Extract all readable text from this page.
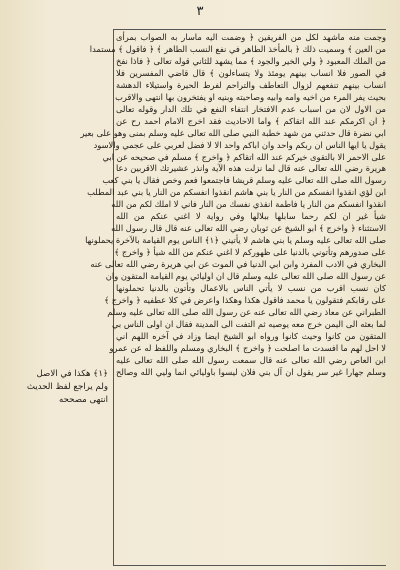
٣
وجمت منه ماشهد لكل من الفريقين ﴿ وضمت اليه ماسار به الصواب بمرأى
من العين ﴾ وسميت ذلك ﴿ بالمأخذ الطاهر في نفع النسب الطاهر ﴾ ﴿ فاقول ﴾ مستمدا
من الملك المعبود ﴿ ولي الخير والجود ﴾ مما يشهد للثاني قوله تعالى ﴿ فاذا نفخ
في الصور فلا انساب بينهم يومئذ ولا يتساءلون ﴾ قال قاضي المفسرين فلا
انساب بينهم تنفعهم لزوال التعاطف والتراحم لفرط الحيرة واستيلاء الدهشة
بحيث يفر المرء من اخيه وامه وابيه وصاحبته وبنيه او يفتخرون بها انتهى والاقرب
من الاول لان من اسباب عدم الافتخار انتفاء النفع في تلك الدار وقوله تعالى
﴿ ان اكرمكم عند الله اتقاكم ﴾ واما الاحاديث فقد اخرج الامام احمد رح عن
ابي نضرة قال حدثني من شهد خطبة النبي صلى الله تعالى عليه وسلم بمنى وهو على بعير
يقول يا ايها الناس ان ربكم واحد وان اباكم واحد الا لا فضل لعربي على عجمي والاسود
على الاحمر الا بالتقوى خيركم عند الله اتقاكم ﴿ واخرج ﴾ مسلم في صحيحه عن ابي
هريرة رضي الله تعالى عنه قال لما نزلت هذه الآية وانذر عشيرتك الاقربين دعا
رسول الله صلى الله تعالى عليه وسلم قريشا فاجتمعوا فعم وخص فقال يا بني كعب
ابن لؤي انقذوا انفسكم من النار يا بني هاشم انقذوا انفسكم من النار يا بني عبد المطلب
انقذوا انفسكم من النار يا فاطمة انقذي نفسك من النار فاني لا املك لكم من الله
شيأ غير ان لكم رحما سابلها ببلالها وفي رواية لا اغني عنكم من الله
الاستثناء ﴿ واخرج ﴾ ابو الشيخ عن ثوبان رضي الله تعالى عنه قال قال رسول الله
صلى الله تعالى عليه وسلم يا بني هاشم لا يأتيني ﴿١﴾ الناس يوم القيامة بالآخرة يحملونها
على صدورهم وتأتوني بالدنيا على ظهوركم لا اغني عنكم من الله شيأ ﴿ واخرج ﴾
البخاري في الادب المفرد وابن ابي الدنيا في الموت عن ابي هريرة رضي الله تعالى عنه
عن رسول الله صلى الله تعالى عليه وسلم قال ان اوليائي يوم القيامة المتقون وان
كان نسب اقرب من نسب لا يأتي الناس بالاعمال وتأتون بالدنيا تحملونها
على رقابكم فتقولون يا محمد فاقول هكذا وهكذا واعرض في كلا عطفيه ﴿ واخرج ﴾
الطبراني عن معاذ رضي الله تعالى عنه عن رسول الله صلى الله تعالى عليه وسلم
لما بعثه الى اليمن خرج معه يوصيه ثم التفت الى المدينة فقال ان اولى الناس بي
المتقون من كانوا وحيث كانوا ورواه ابو الشيخ ايضا وزاد في آخره اللهم اني
لا احل لهم ما افسدت ما اصلحت ﴿ واخرج ﴾ البخاري ومسلم واللفظ له عن عمرو
ابن العاص رضي الله تعالى عنه قال سمعت رسول الله صلى الله تعالى عليه
وسلم جهارا غير سر يقول ان آل بني فلان ليسوا باوليائي انما وليي الله وصالح
﴿١﴾ هكذا في الاصل
ولم يراجع لفظ الحديث
انتهى مصححه
